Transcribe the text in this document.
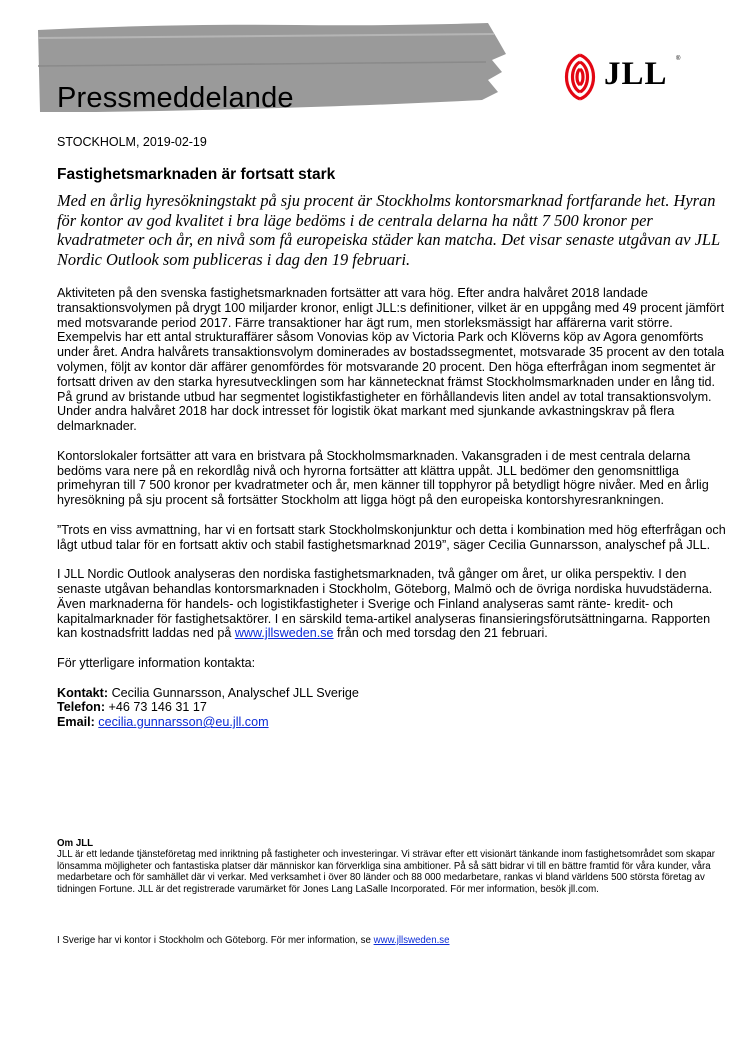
Pressmeddelande
JLL ®
STOCKHOLM, 2019-02-19
Fastighetsmarknaden är fortsatt stark
Med en årlig hyresökningstakt på sju procent är Stockholms kontorsmarknad fortfarande het. Hyran för kontor av god kvalitet i bra läge bedöms i de centrala delarna ha nått 7 500 kronor per kvadratmeter och år, en nivå som få europeiska städer kan matcha. Det visar senaste utgåvan av JLL Nordic Outlook som publiceras i dag den 19 februari.

Aktiviteten på den svenska fastighetsmarknaden fortsätter att vara hög. Efter andra halvåret 2018 landade transaktionsvolymen på drygt 100 miljarder kronor, enligt JLL:s definitioner, vilket är en uppgång med 49 procent jämfört med motsvarande period 2017. Färre transaktioner har ägt rum, men storleksmässigt har affärerna varit större. Exempelvis har ett antal strukturaffärer såsom Vonovias köp av Victoria Park och Klöverns köp av Agora genomförts under året. Andra halvårets transaktionsvolym dominerades av bostadssegmentet, motsvarade 35 procent av den totala volymen, följt av kontor där affärer genomfördes för motsvarande 20 procent. Den höga efterfrågan inom segmentet är fortsatt driven av den starka hyresutvecklingen som har kännetecknat främst Stockholmsmarknaden under en lång tid. På grund av bristande utbud har segmentet logistikfastigheter en förhållandevis liten andel av total transaktionsvolym. Under andra halvåret 2018 har dock intresset för logistik ökat markant med sjunkande avkastningskrav på flera delmarknader.

Kontorslokaler fortsätter att vara en bristvara på Stockholmsmarknaden. Vakansgraden i de mest centrala delarna bedöms vara nere på en rekordlåg nivå och hyrorna fortsätter att klättra uppåt. JLL bedömer den genomsnittliga primehyran till 7 500 kronor per kvadratmeter och år, men känner till topphyror på betydligt högre nivåer. Med en årlig hyresökning på sju procent så fortsätter Stockholm att ligga högt på den europeiska kontorshyresrankningen.

”Trots en viss avmattning, har vi en fortsatt stark Stockholmskonjunktur och detta i kombination med hög efterfrågan och lågt utbud talar för en fortsatt aktiv och stabil fastighetsmarknad 2019”, säger Cecilia Gunnarsson, analyschef på JLL.

I JLL Nordic Outlook analyseras den nordiska fastighetsmarknaden, två gånger om året, ur olika perspektiv. I den senaste utgåvan behandlas kontorsmarknaden i Stockholm, Göteborg, Malmö och de övriga nordiska huvudstäderna. Även marknaderna för handels- och logistikfastigheter i Sverige och Finland analyseras samt ränte- kredit- och kapitalmarknader för fastighetsaktörer. I en särskild tema-artikel analyseras finansieringsförutsättningarna. Rapporten kan kostnadsfritt laddas ned på www.jllsweden.se från och med torsdag den 21 februari.

För ytterligare information kontakta:

Kontakt: Cecilia Gunnarsson, Analyschef JLL Sverige
Telefon: +46 73 146 31 17
Email: cecilia.gunnarsson@eu.jll.com
Om JLL
JLL är ett ledande tjänsteföretag med inriktning på fastigheter och investeringar. Vi strävar efter ett visionärt tänkande inom fastighetsområdet som skapar lönsamma möjligheter och fantastiska platser där människor kan förverkliga sina ambitioner. På så sätt bidrar vi till en bättre framtid för våra kunder, våra medarbetare och för samhället där vi verkar. Med verksamhet i över 80 länder och 88 000 medarbetare, rankas vi bland världens 500 största företag av tidningen Fortune. JLL är det registrerade varumärket för Jones Lang LaSalle Incorporated. För mer information, besök jll.com.
I Sverige har vi kontor i Stockholm och Göteborg. För mer information, se www.jllsweden.se
